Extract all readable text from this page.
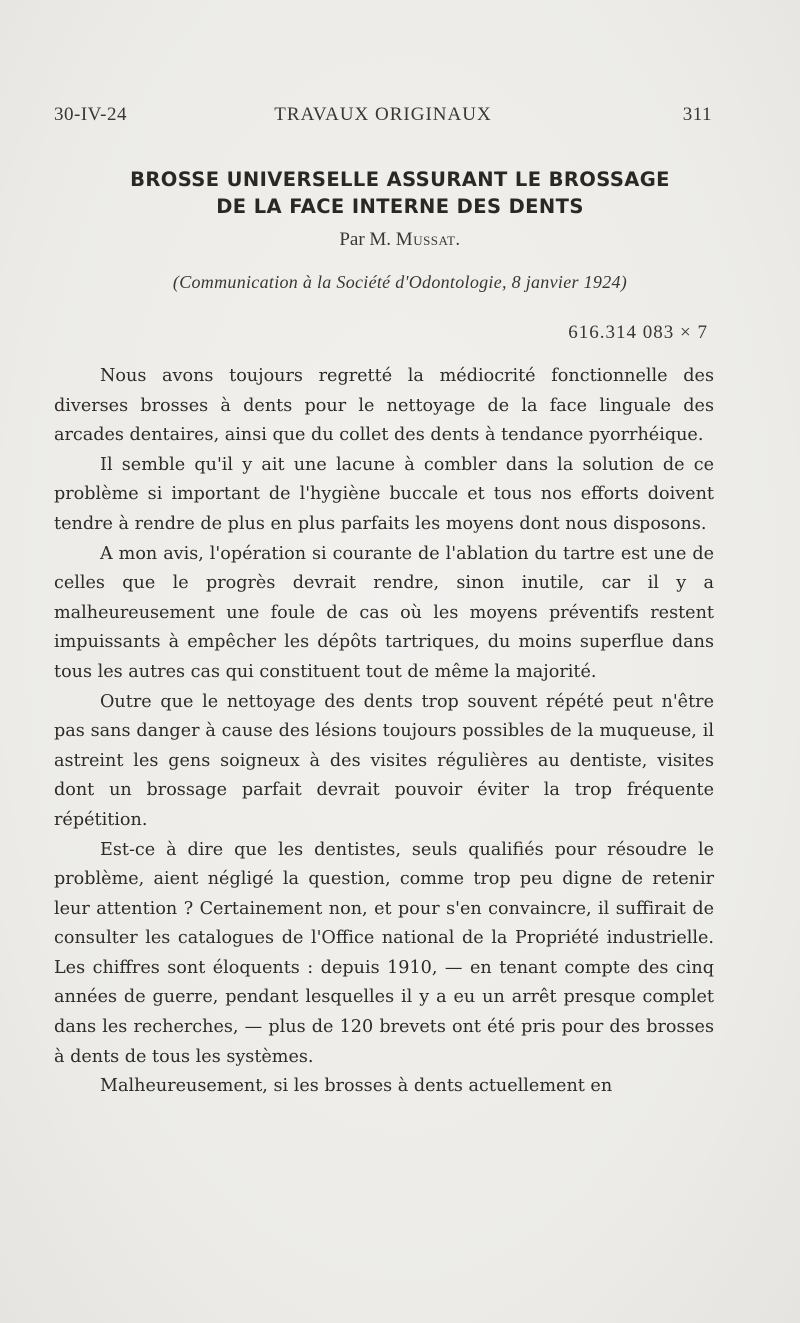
30-IV-24	TRAVAUX ORIGINAUX	311
BROSSE UNIVERSELLE ASSURANT LE BROSSAGE
DE LA FACE INTERNE DES DENTS
Par M. Mussat.
(Communication à la Société d'Odontologie, 8 janvier 1924)
616.314 083 × 7

Nous avons toujours regretté la médiocrité fonctionnelle des diverses brosses à dents pour le nettoyage de la face linguale des arcades dentaires, ainsi que du collet des dents à tendance pyorrhéique.

Il semble qu'il y ait une lacune à combler dans la solution de ce problème si important de l'hygiène buccale et tous nos efforts doivent tendre à rendre de plus en plus parfaits les moyens dont nous disposons.

A mon avis, l'opération si courante de l'ablation du tartre est une de celles que le progrès devrait rendre, sinon inutile, car il y a malheureusement une foule de cas où les moyens préventifs restent impuissants à empêcher les dépôts tartriques, du moins superflue dans tous les autres cas qui constituent tout de même la majorité.

Outre que le nettoyage des dents trop souvent répété peut n'être pas sans danger à cause des lésions toujours possibles de la muqueuse, il astreint les gens soigneux à des visites régulières au dentiste, visites dont un brossage parfait devrait pouvoir éviter la trop fréquente répétition.

Est-ce à dire que les dentistes, seuls qualifiés pour résoudre le problème, aient négligé la question, comme trop peu digne de retenir leur attention ? Certainement non, et pour s'en convaincre, il suffirait de consulter les catalogues de l'Office national de la Propriété industrielle. Les chiffres sont éloquents : depuis 1910, — en tenant compte des cinq années de guerre, pendant lesquelles il y a eu un arrêt presque complet dans les recherches, — plus de 120 brevets ont été pris pour des brosses à dents de tous les systèmes.

Malheureusement, si les brosses à dents actuellement en
